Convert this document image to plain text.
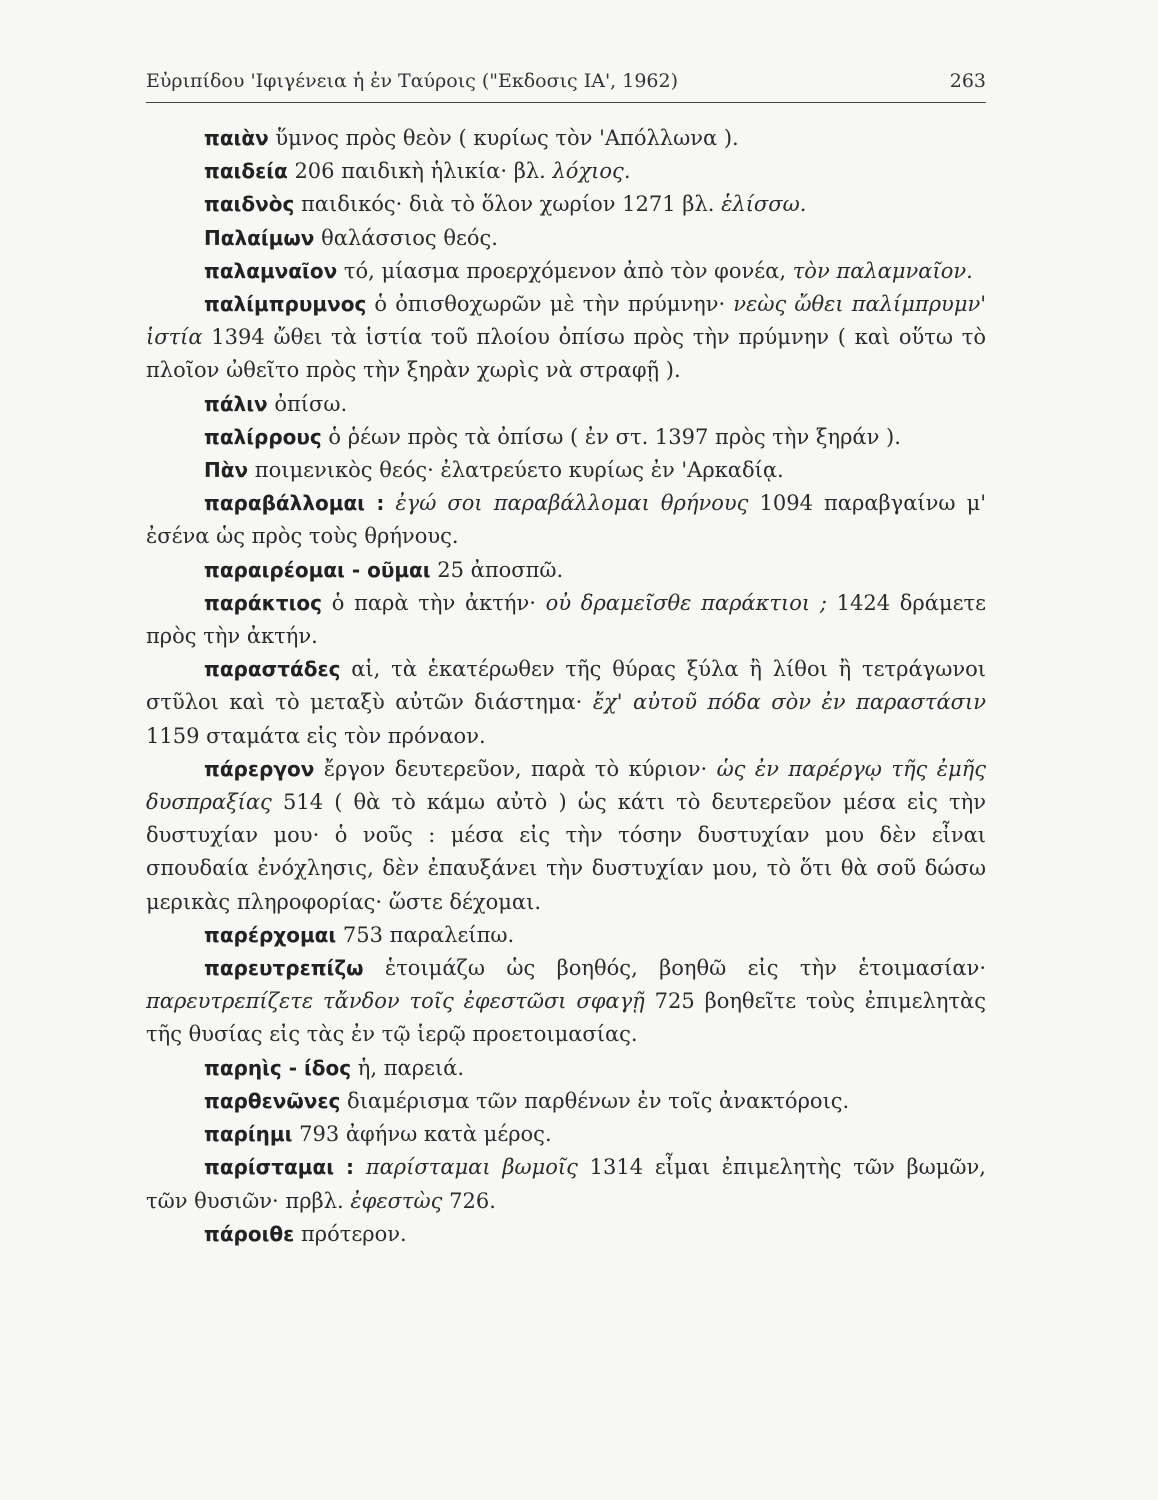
Εὐριπίδου 'Ιφιγένεια ἡ ἐν Ταύροις ("Εκδοσις ΙΑ', 1962)	263

παιὰν ὕμνος πρὸς θεὸν ( κυρίως τὸν 'Απόλλωνα ).

παιδεία 206 παιδικὴ ἡλικία· βλ. λόχιος.

παιδνὸς παιδικός· διὰ τὸ ὅλον χωρίον 1271 βλ. ἑλίσσω.

Παλαίμων θαλάσσιος θεός.

παλαμναῖον τό, μίασμα προερχόμενον ἀπὸ τὸν φονέα, τὸν παλαμναῖον.

παλίμπρυμνος ὁ ὀπισθοχωρῶν μὲ τὴν πρύμνην· νεὼς ὤθει παλίμπρυμν' ἱστία 1394 ὤθει τὰ ἱστία τοῦ πλοίου ὀπίσω πρὸς τὴν πρύμνην ( καὶ οὕτω τὸ πλοῖον ὠθεῖτο πρὸς τὴν ξηρὰν χωρὶς νὰ στραφῇ ).

πάλιν ὀπίσω.

παλίρρους ὁ ῥέων πρὸς τὰ ὀπίσω ( ἐν στ. 1397 πρὸς τὴν ξηράν ).

Πὰν ποιμενικὸς θεός· ἐλατρεύετο κυρίως ἐν 'Αρκαδίᾳ.

παραβάλλομαι : ἐγώ σοι παραβάλλομαι θρήνους 1094 παραβγαίνω μ' ἐσένα ὡς πρὸς τοὺς θρήνους.

παραιρέομαι - οῦμαι 25 ἀποσπῶ.

παράκτιος ὁ παρὰ τὴν ἀκτήν· οὐ δραμεῖσθε παράκτιοι ; 1424 δράμετε πρὸς τὴν ἀκτήν.

παραστάδες αἱ, τὰ ἑκατέρωθεν τῆς θύρας ξύλα ἢ λίθοι ἢ τετράγωνοι στῦλοι καὶ τὸ μεταξὺ αὐτῶν διάστημα· ἔχ' αὐτοῦ πόδα σὸν ἐν παραστάσιν 1159 σταμάτα εἰς τὸν πρόναον.

πάρεργον ἔργον δευτερεῦον, παρὰ τὸ κύριον· ὡς ἐν παρέργῳ τῆς ἐμῆς δυσπραξίας 514 ( θὰ τὸ κάμω αὐτὸ ) ὡς κάτι τὸ δευτερεῦον μέσα εἰς τὴν δυστυχίαν μου· ὁ νοῦς : μέσα εἰς τὴν τόσην δυστυχίαν μου δὲν εἶναι σπουδαία ἐνόχλησις, δὲν ἐπαυξάνει τὴν δυστυχίαν μου, τὸ ὅτι θὰ σοῦ δώσω μερικὰς πληροφορίας· ὥστε δέχομαι.

παρέρχομαι 753 παραλείπω.

παρευτρεπίζω ἑτοιμάζω ὡς βοηθός, βοηθῶ εἰς τὴν ἑτοιμασίαν· παρευτρεπίζετε τἄνδον τοῖς ἐφεστῶσι σφαγῇ 725 βοηθεῖτε τοὺς ἐπιμελητὰς τῆς θυσίας εἰς τὰς ἐν τῷ ἱερῷ προετοιμασίας.

παρηὶς - ίδος ἡ, παρειά.

παρθενῶνες διαμέρισμα τῶν παρθένων ἐν τοῖς ἀνακτόροις.

παρίημι 793 ἀφήνω κατὰ μέρος.

παρίσταμαι : παρίσταμαι βωμοῖς 1314 εἶμαι ἐπιμελητὴς τῶν βωμῶν, τῶν θυσιῶν· πρβλ. ἐφεστὼς 726.

πάροιθε πρότερον.
